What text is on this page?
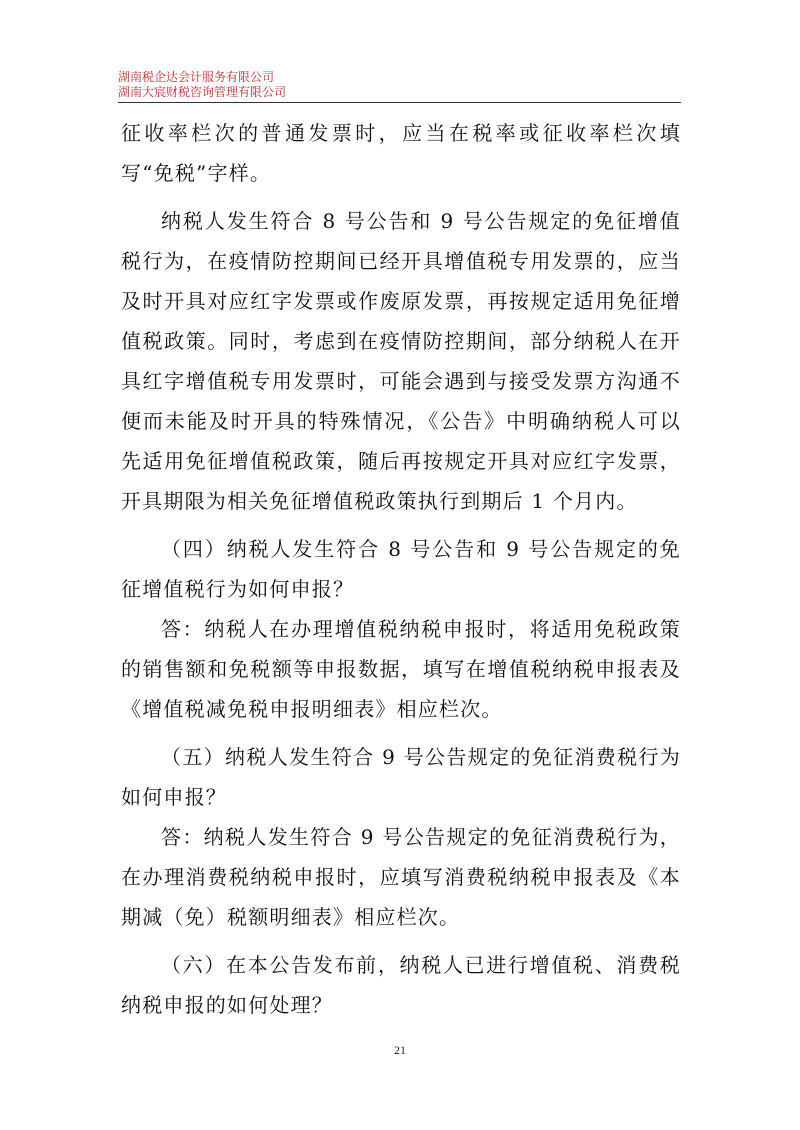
湖南税企达会计服务有限公司
湖南大宸财税咨询管理有限公司

征收率栏次的普通发票时，应当在税率或征收率栏次填写“免税”字样。

纳税人发生符合 8 号公告和 9 号公告规定的免征增值税行为，在疫情防控期间已经开具增值税专用发票的，应当及时开具对应红字发票或作废原发票，再按规定适用免征增值税政策。同时，考虑到在疫情防控期间，部分纳税人在开具红字增值税专用发票时，可能会遇到与接受发票方沟通不便而未能及时开具的特殊情况，《公告》中明确纳税人可以先适用免征增值税政策，随后再按规定开具对应红字发票，开具期限为相关免征增值税政策执行到期后 1 个月内。

（四）纳税人发生符合 8 号公告和 9 号公告规定的免征增值税行为如何申报？

答：纳税人在办理增值税纳税申报时，将适用免税政策的销售额和免税额等申报数据，填写在增值税纳税申报表及《增值税减免税申报明细表》相应栏次。

（五）纳税人发生符合 9 号公告规定的免征消费税行为如何申报？

答：纳税人发生符合 9 号公告规定的免征消费税行为，在办理消费税纳税申报时，应填写消费税纳税申报表及《本期减（免）税额明细表》相应栏次。

（六）在本公告发布前，纳税人已进行增值税、消费税纳税申报的如何处理？

21
